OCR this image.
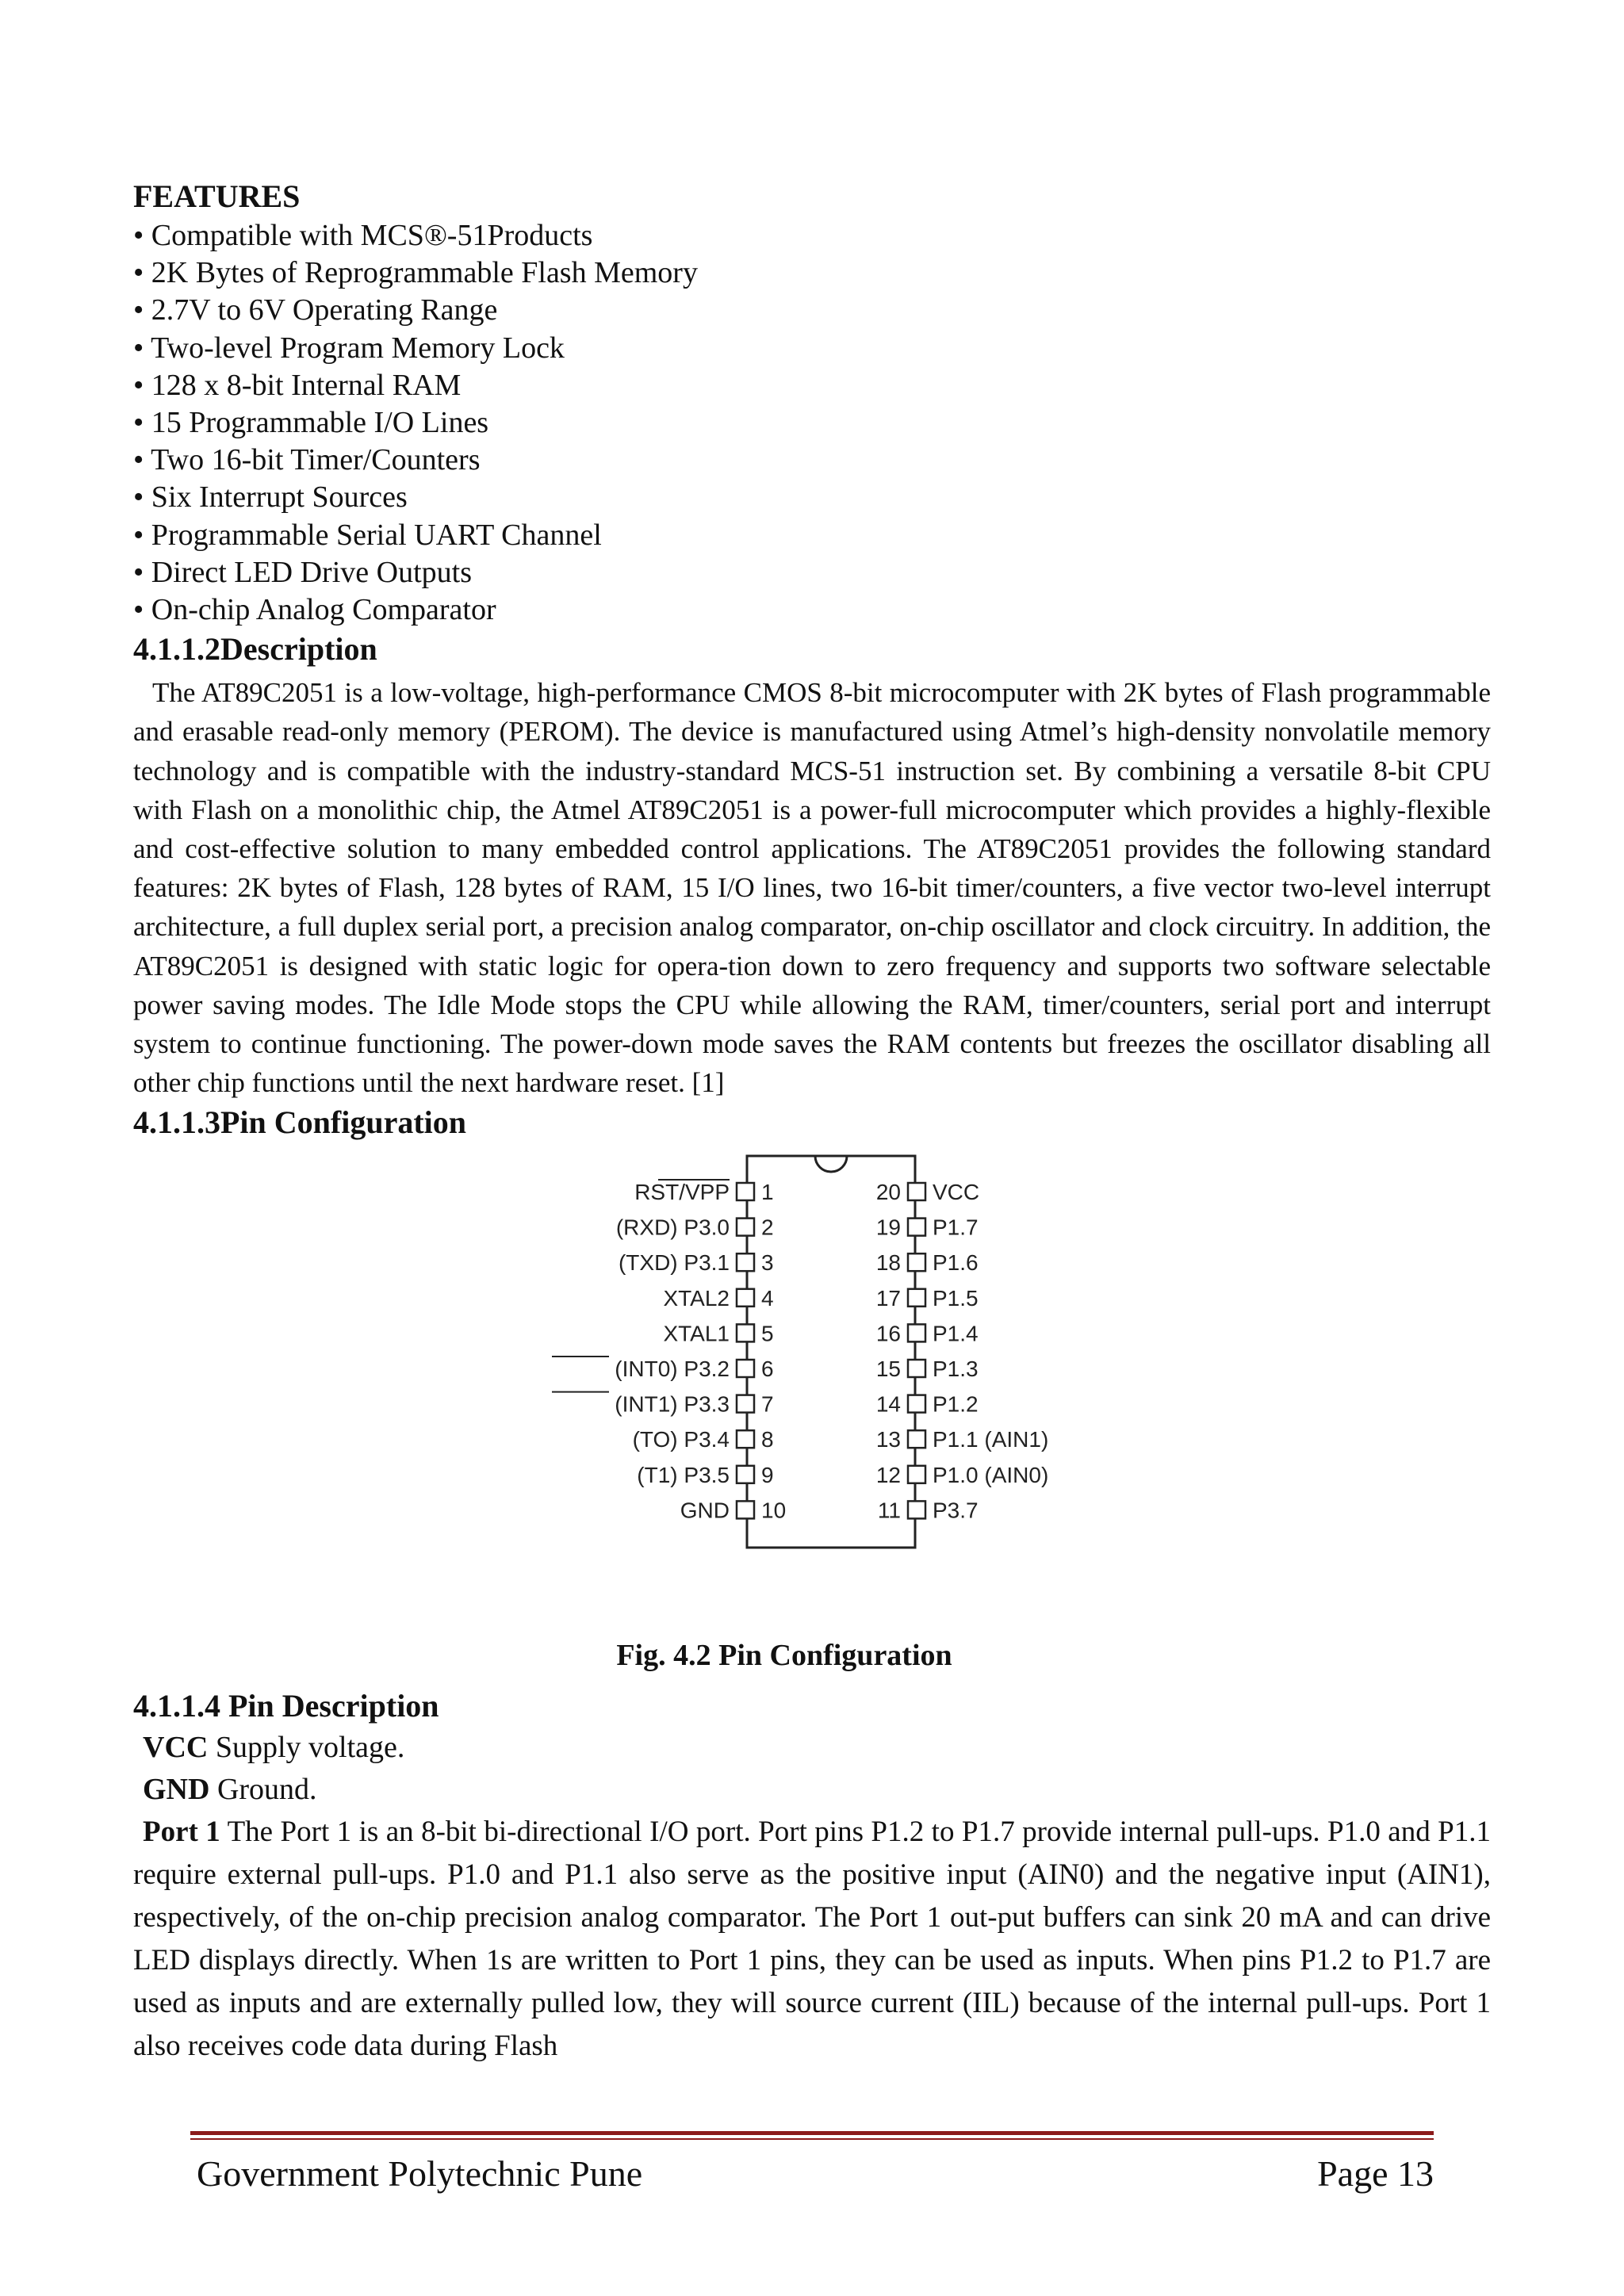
FEATURES

• Compatible with MCS®-51Products
• 2K Bytes of Reprogrammable Flash Memory
• 2.7V to 6V Operating Range
• Two-level Program Memory Lock
• 128 x 8-bit Internal RAM
• 15 Programmable I/O Lines
• Two 16-bit Timer/Counters
• Six Interrupt Sources
• Programmable Serial UART Channel
• Direct LED Drive Outputs
• On-chip Analog Comparator

4.1.1.2Description

The AT89C2051 is a low-voltage, high-performance CMOS 8-bit microcomputer with 2K bytes of Flash programmable and erasable read-only memory (PEROM). The device is manufactured using Atmel’s high-density nonvolatile memory technology and is compatible with the industry-standard MCS-51 instruction set. By combining a versatile 8-bit CPU with Flash on a monolithic chip, the Atmel AT89C2051 is a power-full microcomputer which provides a highly-flexible and cost-effective solution to many embedded control applications. The AT89C2051 provides the following standard features: 2K bytes of Flash, 128 bytes of RAM, 15 I/O lines, two 16-bit timer/counters, a five vector two-level interrupt architecture, a full duplex serial port, a precision analog comparator, on-chip oscillator and clock circuitry. In addition, the AT89C2051 is designed with static logic for opera-tion down to zero frequency and supports two software selectable power saving modes. The Idle Mode stops the CPU while allowing the RAM, timer/counters, serial port and interrupt system to continue functioning. The power-down mode saves the RAM contents but freezes the oscillator disabling all other chip functions until the next hardware reset. [1]

4.1.1.3Pin Configuration

1
RST/VPP
2
(RXD) P3.0
3
(TXD) P3.1
4
XTAL2
5
XTAL1
6
(INT0) P3.2
7
(INT1) P3.3
8
(TO) P3.4
9
(T1) P3.5
10
GND
20 VCC
19 P1.7
18 P1.6
17 P1.5
16 P1.4
15 P1.3
14 P1.2
13 P1.1 (AIN1)
12 P1.0 (AIN0)
11 P3.7

Fig. 4.2 Pin Configuration

4.1.1.4 Pin Description

VCC Supply voltage.

GND Ground.

Port 1 The Port 1 is an 8-bit bi-directional I/O port. Port pins P1.2 to P1.7 provide internal pull-ups. P1.0 and P1.1 require external pull-ups. P1.0 and P1.1 also serve as the positive input (AIN0) and the negative input (AIN1), respectively, of the on-chip precision analog comparator. The Port 1 out-put buffers can sink 20 mA and can drive LED displays directly. When 1s are written to Port 1 pins, they can be used as inputs. When pins P1.2 to P1.7 are used as inputs and are externally pulled low, they will source current (IIL) because of the internal pull-ups. Port 1 also receives code data during Flash

Government Polytechnic Pune	Page 13
